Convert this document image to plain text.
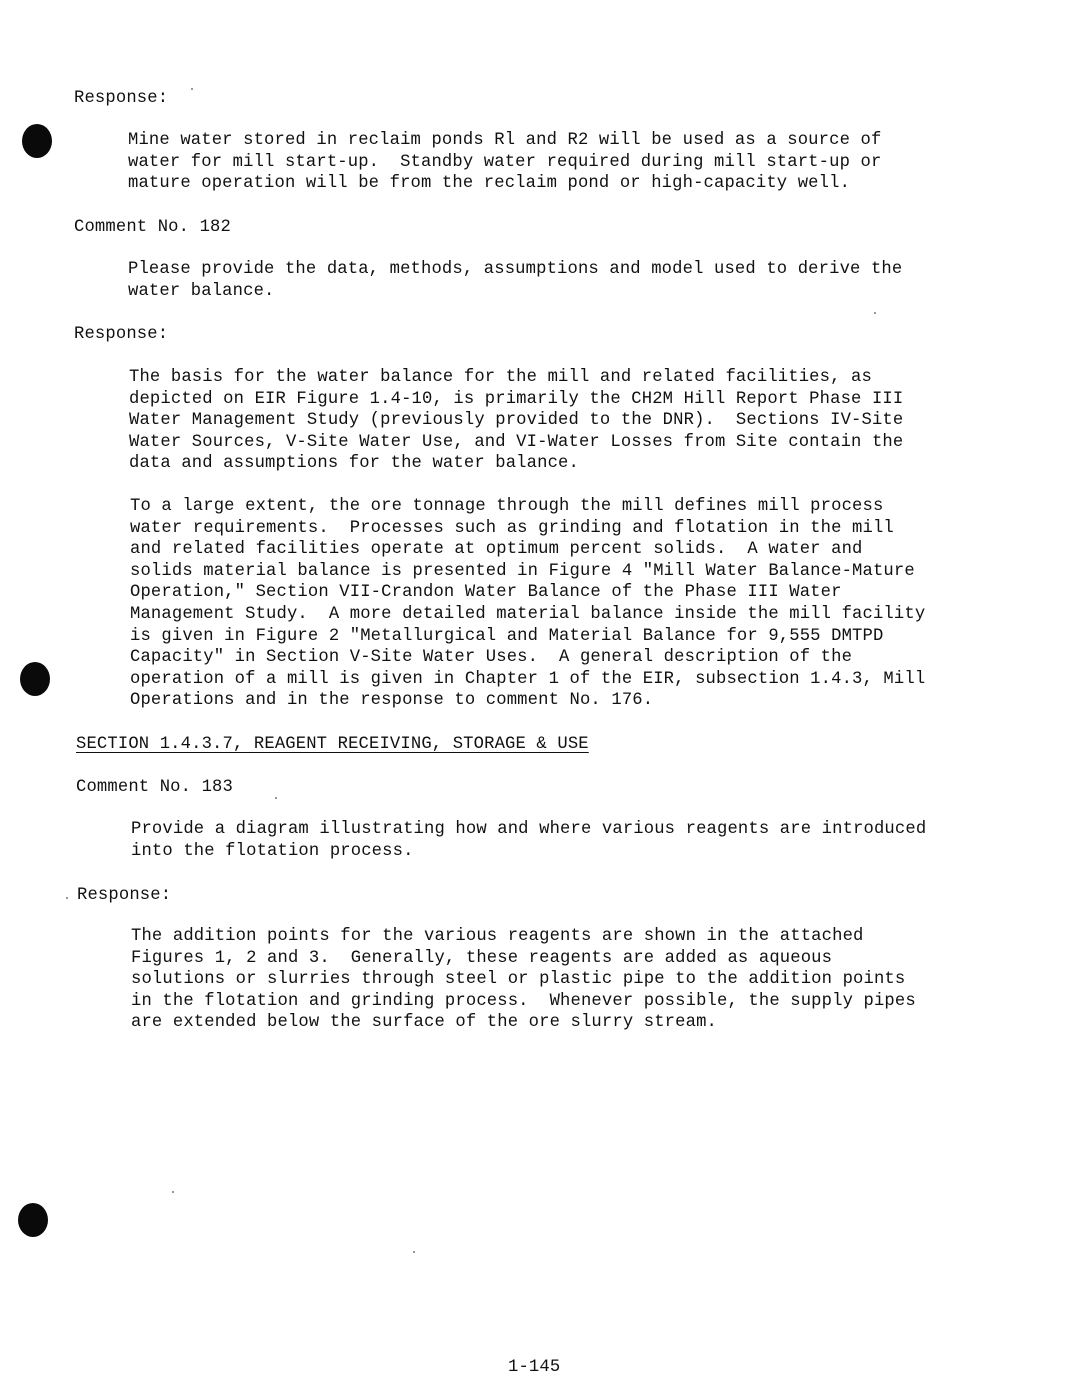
Response:
Mine water stored in reclaim ponds Rl and R2 will be used as a source of
water for mill start-up.  Standby water required during mill start-up or
mature operation will be from the reclaim pond or high-capacity well.
Comment No. 182
Please provide the data, methods, assumptions and model used to derive the
water balance.
Response:
The basis for the water balance for the mill and related facilities, as
depicted on EIR Figure 1.4-10, is primarily the CH2M Hill Report Phase III
Water Management Study (previously provided to the DNR).  Sections IV-Site
Water Sources, V-Site Water Use, and VI-Water Losses from Site contain the
data and assumptions for the water balance.
To a large extent, the ore tonnage through the mill defines mill process
water requirements.  Processes such as grinding and flotation in the mill
and related facilities operate at optimum percent solids.  A water and
solids material balance is presented in Figure 4 "Mill Water Balance-Mature
Operation," Section VII-Crandon Water Balance of the Phase III Water
Management Study.  A more detailed material balance inside the mill facility
is given in Figure 2 "Metallurgical and Material Balance for 9,555 DMTPD
Capacity" in Section V-Site Water Uses.  A general description of the
operation of a mill is given in Chapter 1 of the EIR, subsection 1.4.3, Mill
Operations and in the response to comment No. 176.
SECTION 1.4.3.7, REAGENT RECEIVING, STORAGE & USE
Comment No. 183
Provide a diagram illustrating how and where various reagents are introduced
into the flotation process.
Response:
The addition points for the various reagents are shown in the attached
Figures 1, 2 and 3.  Generally, these reagents are added as aqueous
solutions or slurries through steel or plastic pipe to the addition points
in the flotation and grinding process.  Whenever possible, the supply pipes
are extended below the surface of the ore slurry stream.
1-145
